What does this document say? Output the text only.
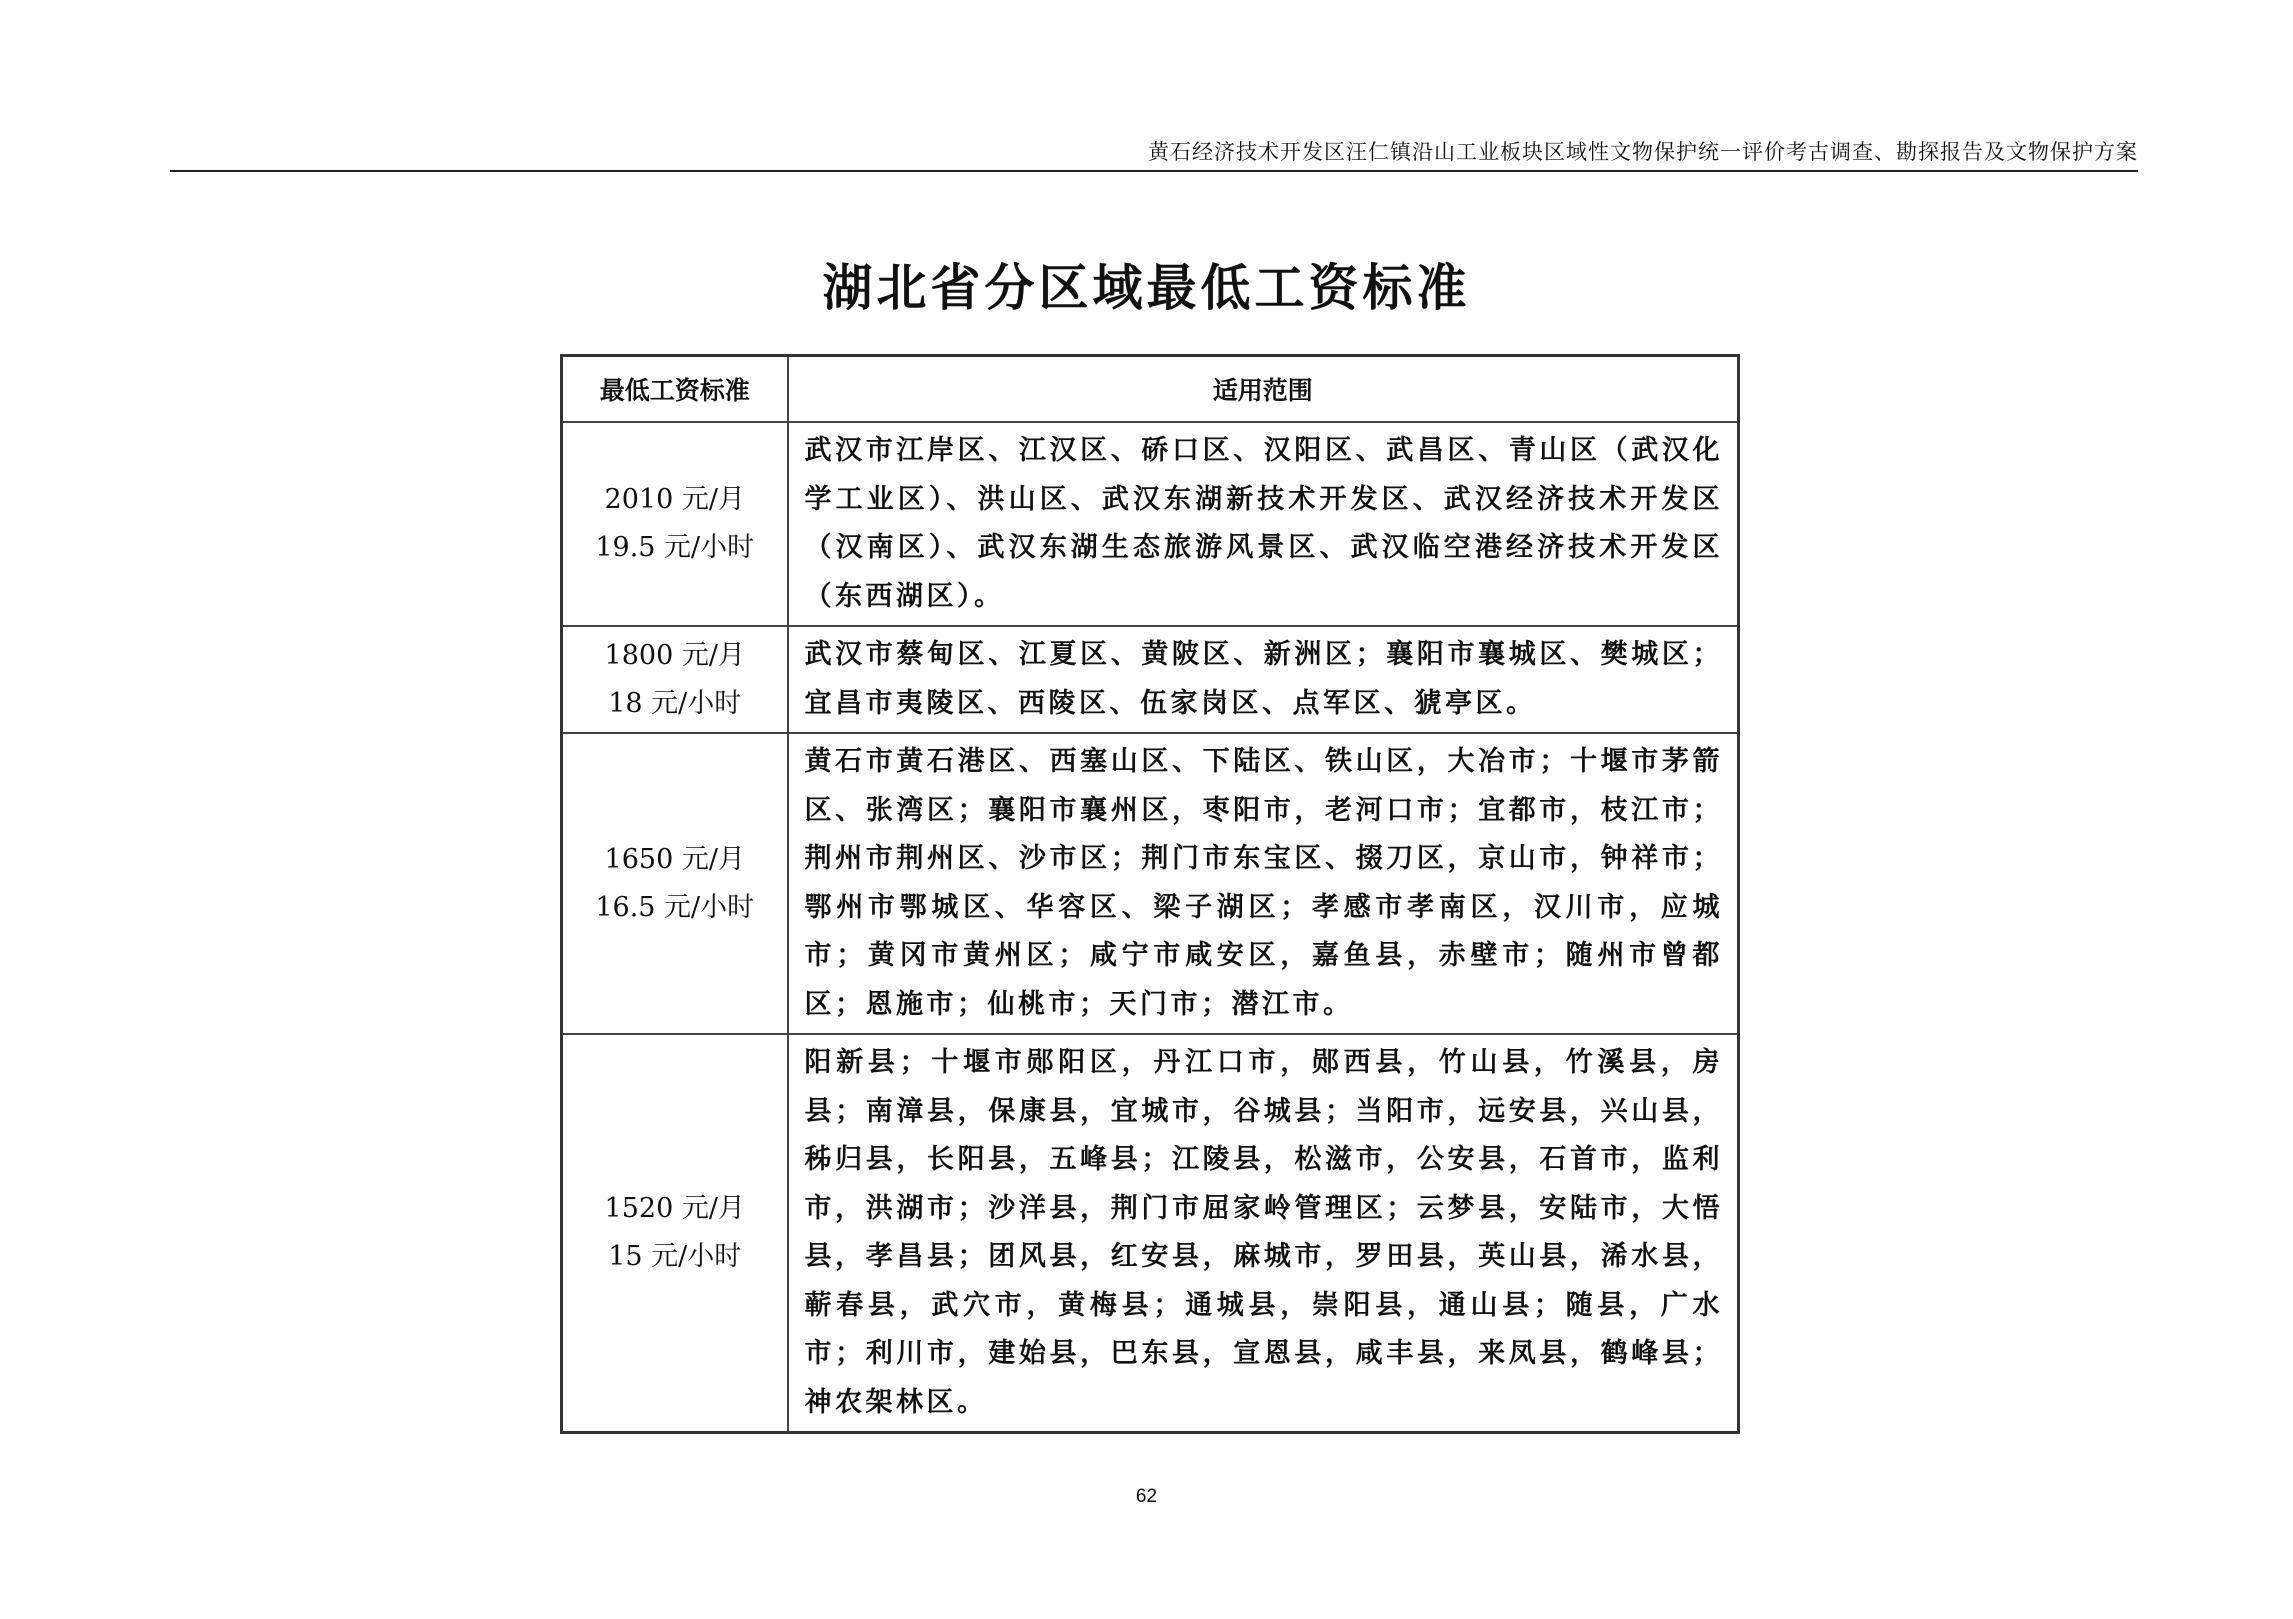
黄石经济技术开发区汪仁镇沿山工业板块区域性文物保护统一评价考古调查、勘探报告及文物保护方案
湖北省分区域最低工资标准
最低工资标准	适用范围

2010 元/月
19.5 元/小时	武汉市江岸区、江汉区、硚口区、汉阳区、武昌区、青山区（武汉化学工业区）、洪山区、武汉东湖新技术开发区、武汉经济技术开发区（汉南区）、武汉东湖生态旅游风景区、武汉临空港经济技术开发区（东西湖区）。

1800 元/月
18 元/小时	武汉市蔡甸区、江夏区、黄陂区、新洲区；襄阳市襄城区、樊城区；宜昌市夷陵区、西陵区、伍家岗区、点军区、猇亭区。

1650 元/月
16.5 元/小时	黄石市黄石港区、西塞山区、下陆区、铁山区，大冶市；十堰市茅箭区、张湾区；襄阳市襄州区，枣阳市，老河口市；宜都市，枝江市；荆州市荆州区、沙市区；荆门市东宝区、掇刀区，京山市，钟祥市；鄂州市鄂城区、华容区、梁子湖区；孝感市孝南区，汉川市，应城市；黄冈市黄州区；咸宁市咸安区，嘉鱼县，赤壁市；随州市曾都区；恩施市；仙桃市；天门市；潜江市。

1520 元/月
15 元/小时	阳新县；十堰市郧阳区，丹江口市，郧西县，竹山县，竹溪县，房县；南漳县，保康县，宜城市，谷城县；当阳市，远安县，兴山县，秭归县，长阳县，五峰县；江陵县，松滋市，公安县，石首市，监利市，洪湖市；沙洋县，荆门市屈家岭管理区；云梦县，安陆市，大悟县，孝昌县；团风县，红安县，麻城市，罗田县，英山县，浠水县，蕲春县，武穴市，黄梅县；通城县，崇阳县，通山县；随县，广水市；利川市，建始县，巴东县，宣恩县，咸丰县，来凤县，鹤峰县；神农架林区。
62
